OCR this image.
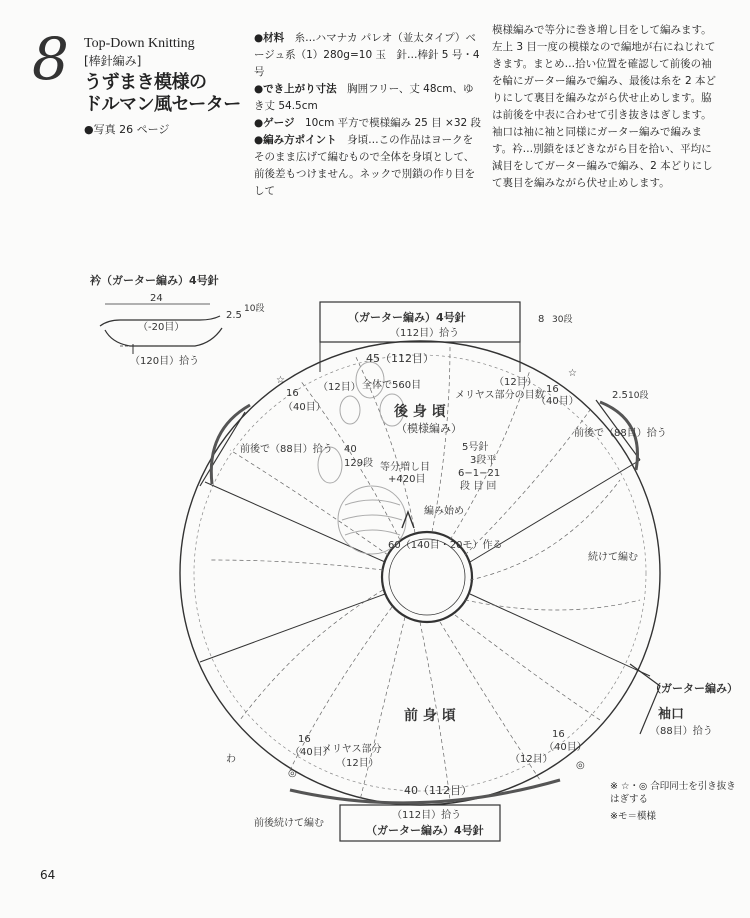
8 Top-Down Knitting
[棒針編み]
うずまき模様の
ドルマン風セーター
●写真 26 ページ
●材料　 糸…ハマナカ パレオ（並太タイプ）ベージュ系（1）280g=10 玉　針…棒針 5 号・4 号
●でき上がり寸法　 胸囲フリー、丈 48cm、ゆき丈 54.5cm
●ゲージ　 10cm 平方で模様編み 25 目 ×32 段
●編み方ポイント　 身頃…この作品はヨークをそのまま広げて編むもので全体を身頃として、前後差もつけません。ネックで別鎖の作り目をして
模様編みで等分に巻き増し目をして編みます。左上 3 目一度の模様なので編地が右にねじれてきます。まとめ…拾い位置を確認して前後の袖を輪にガーター編みで編み、最後は糸を 2 本どりにして裏目を編みながら伏せ止めします。脇は前後を中表に合わせて引き抜きはぎします。袖口は袖に袖と同様にガーター編みで編みます。衿…別鎖をほどきながら目を拾い、平均に減目をしてガーター編みで編み、2 本どりにして裏目を編みながら伏せ止めします。
衿（ガーター編み）4号針
24
（-20目）
（120目）拾う
2.5
10段
（ガーター編み）4号針
（112目）拾う
8 30段
45（112目）
（12目）	（12目）
全体で560目
メリヤス部分の目数
後 身 頃
（模様編み）
16
（40目）
16
（40目）
前後で（88目）拾う
前後で（88目）拾う
2.5 10段
40
129段 等分増し目
+420目
5号針
3段平
6−1−21
段 目 回
編み始め
60（140目・20モ）作る
続けて編む
前 身 頃
メリヤス部分
（12目）	（12目）
16
（40目）
16
（40目）
40（112目）
わ
（ガーター編み）
袖口
（88目）拾う
（112目）拾う
（ガーター編み）4号針
前後続けて編む
☆
☆
◎
◎
※ ☆・◎ 合印同士を引き抜きはぎする
※モ＝模様
64
